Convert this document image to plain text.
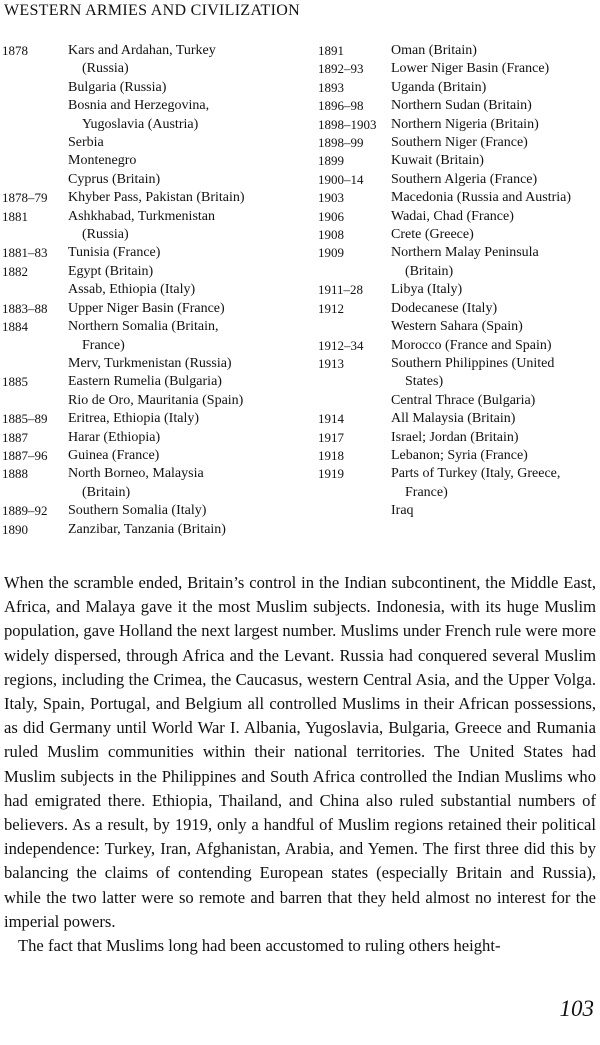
WESTERN ARMIES AND CIVILIZATION
1878	Kars and Ardahan, Turkey
(Russia)
Bulgaria (Russia)
Bosnia and Herzegovina,
Yugoslavia (Austria)
Serbia
Montenegro
Cyprus (Britain)
1878–79	Khyber Pass, Pakistan (Britain)
1881	Ashkhabad, Turkmenistan
(Russia)
1881–83	Tunisia (France)
1882	Egypt (Britain)
Assab, Ethiopia (Italy)
1883–88	Upper Niger Basin (France)
1884	Northern Somalia (Britain,
France)
Merv, Turkmenistan (Russia)
1885	Eastern Rumelia (Bulgaria)
Rio de Oro, Mauritania (Spain)
1885–89	Eritrea, Ethiopia (Italy)
1887	Harar (Ethiopia)
1887–96	Guinea (France)
1888	North Borneo, Malaysia
(Britain)
1889–92	Southern Somalia (Italy)
1890	Zanzibar, Tanzania (Britain)
1891	Oman (Britain)
1892–93	Lower Niger Basin (France)
1893	Uganda (Britain)
1896–98	Northern Sudan (Britain)
1898–1903	Northern Nigeria (Britain)
1898–99	Southern Niger (France)
1899	Kuwait (Britain)
1900–14	Southern Algeria (France)
1903	Macedonia (Russia and Austria)
1906	Wadai, Chad (France)
1908	Crete (Greece)
1909	Northern Malay Peninsula
(Britain)
1911–28	Libya (Italy)
1912	Dodecanese (Italy)
Western Sahara (Spain)
1912–34	Morocco (France and Spain)
1913	Southern Philippines (United
States)
Central Thrace (Bulgaria)
1914	All Malaysia (Britain)
1917	Israel; Jordan (Britain)
1918	Lebanon; Syria (France)
1919	Parts of Turkey (Italy, Greece,
France)
Iraq

When the scramble ended, Britain’s control in the Indian subcontinent, the Middle East, Africa, and Malaya gave it the most Muslim subjects. Indonesia, with its huge Muslim population, gave Holland the next largest number. Muslims under French rule were more widely dispersed, through Africa and the Levant. Russia had conquered several Muslim regions, including the Crimea, the Caucasus, western Central Asia, and the Upper Volga. Italy, Spain, Portugal, and Belgium all controlled Muslims in their African possessions, as did Germany until World War I. Albania, Yugoslavia, Bulgaria, Greece and Rumania ruled Muslim communities within their national territories. The United States had Muslim subjects in the Philippines and South Africa controlled the Indian Muslims who had emigrated there. Ethiopia, Thailand, and China also ruled substantial numbers of believers. As a result, by 1919, only a handful of Muslim regions retained their political independence: Turkey, Iran, Afghanistan, Arabia, and Yemen. The first three did this by balancing the claims of contending European states (especially Britain and Russia), while the two latter were so remote and barren that they held almost no interest for the imperial powers.

The fact that Muslims long had been accustomed to ruling others height-

103
